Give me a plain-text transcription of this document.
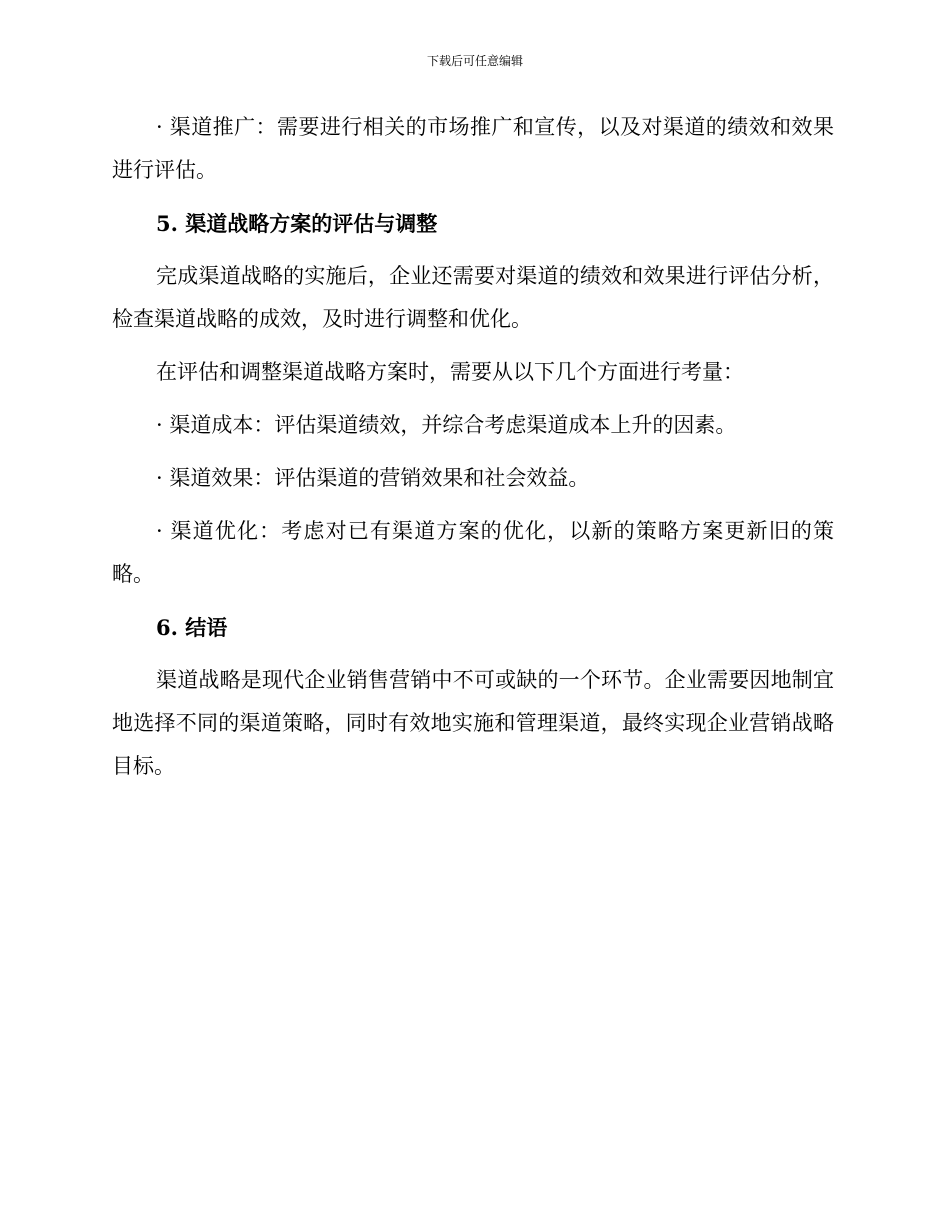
下载后可任意编辑

· 渠道推广：需要进行相关的市场推广和宣传，以及对渠道的绩效和效果进行评估。

5. 渠道战略方案的评估与调整

完成渠道战略的实施后，企业还需要对渠道的绩效和效果进行评估分析，检查渠道战略的成效，及时进行调整和优化。

在评估和调整渠道战略方案时，需要从以下几个方面进行考量：

· 渠道成本：评估渠道绩效，并综合考虑渠道成本上升的因素。

· 渠道效果：评估渠道的营销效果和社会效益。

· 渠道优化：考虑对已有渠道方案的优化，以新的策略方案更新旧的策略。

6. 结语

渠道战略是现代企业销售营销中不可或缺的一个环节。企业需要因地制宜地选择不同的渠道策略，同时有效地实施和管理渠道，最终实现企业营销战略目标。
